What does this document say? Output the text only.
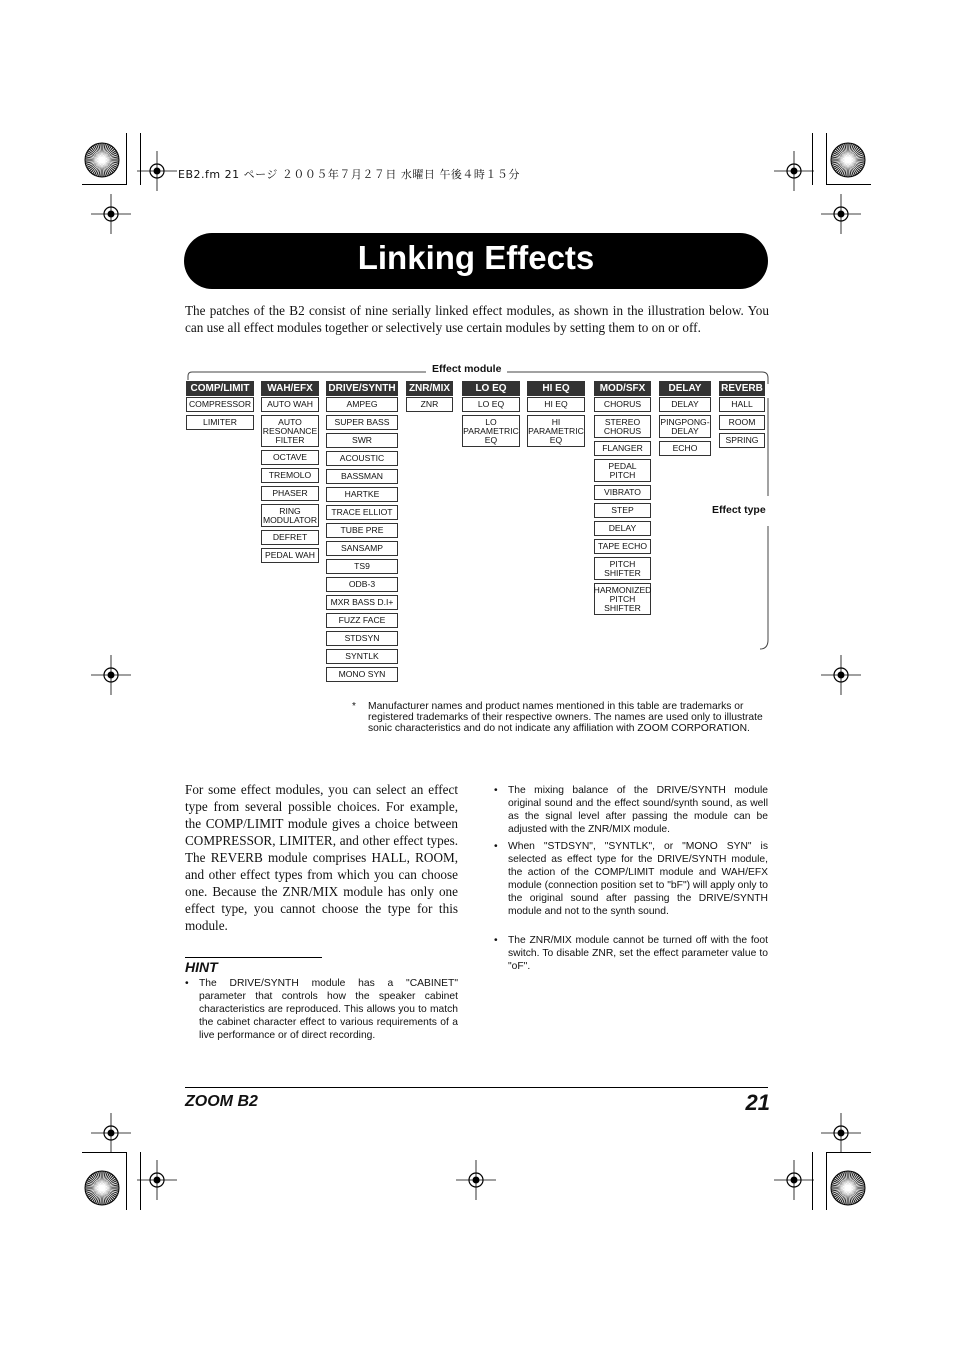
EB2.fm 21 ページ ２００５年７月２７日 水曜日 午後４時１５分
Linking Effects
The patches of the B2 consist of nine serially linked effect modules, as shown in the illustration below. You can use all effect modules together or selectively use certain modules by setting them to on or off.
Effect module
Effect type
COMP/LIMIT
COMPRESSOR
LIMITER
WAH/EFX
AUTO WAH
AUTO
RESONANCE
FILTER
OCTAVE
TREMOLO
PHASER
RING
MODULATOR
DEFRET
PEDAL WAH
DRIVE/SYNTH
AMPEG
SUPER BASS
SWR
ACOUSTIC
BASSMAN
HARTKE
TRACE ELLIOT
TUBE PRE
SANSAMP
TS9
ODB-3
MXR BASS D.I+
FUZZ FACE
STDSYN
SYNTLK
MONO SYN
ZNR/MIX
ZNR
LO EQ
LO EQ
LO
PARAMETRIC
EQ
HI EQ
HI EQ
HI
PARAMETRIC
EQ
MOD/SFX
CHORUS
STEREO
CHORUS
FLANGER
PEDAL
PITCH
VIBRATO
STEP
DELAY
TAPE ECHO
PITCH
SHIFTER
HARMONIZED
PITCH
SHIFTER
DELAY
DELAY
PINGPONG-
DELAY
ECHO
REVERB
HALL
ROOM
SPRING
* Manufacturer names and product names mentioned in this table are trademarks or registered trademarks of their respective owners. The names are used only to illustrate sonic characteristics and do not indicate any affiliation with ZOOM CORPORATION.
For some effect modules, you can select an effect type from several possible choices. For example, the COMP/LIMIT module gives a choice between COMPRESSOR, LIMITER, and other effect types. The REVERB module comprises HALL, ROOM, and other effect types from which you can choose one. Because the ZNR/MIX module has only one effect type, you cannot choose the type for this module.
HINT
• The DRIVE/SYNTH module has a "CABINET" parameter that controls how the speaker cabinet characteristics are reproduced. This allows you to match the cabinet character effect to various requirements of a live performance or of direct recording.
• The mixing balance of the DRIVE/SYNTH module original sound and the effect sound/synth sound, as well as the signal level after passing the module can be adjusted with the ZNR/MIX module.
• When "STDSYN", "SYNTLK", or "MONO SYN" is selected as effect type for the DRIVE/SYNTH module, the action of the COMP/LIMIT module and WAH/EFX module (connection position set to "bF") will apply only to the original sound after passing the DRIVE/SYNTH module and not to the synth sound.
• The ZNR/MIX module cannot be turned off with the foot switch. To disable ZNR, set the effect parameter value to "oF".
ZOOM B2	21
